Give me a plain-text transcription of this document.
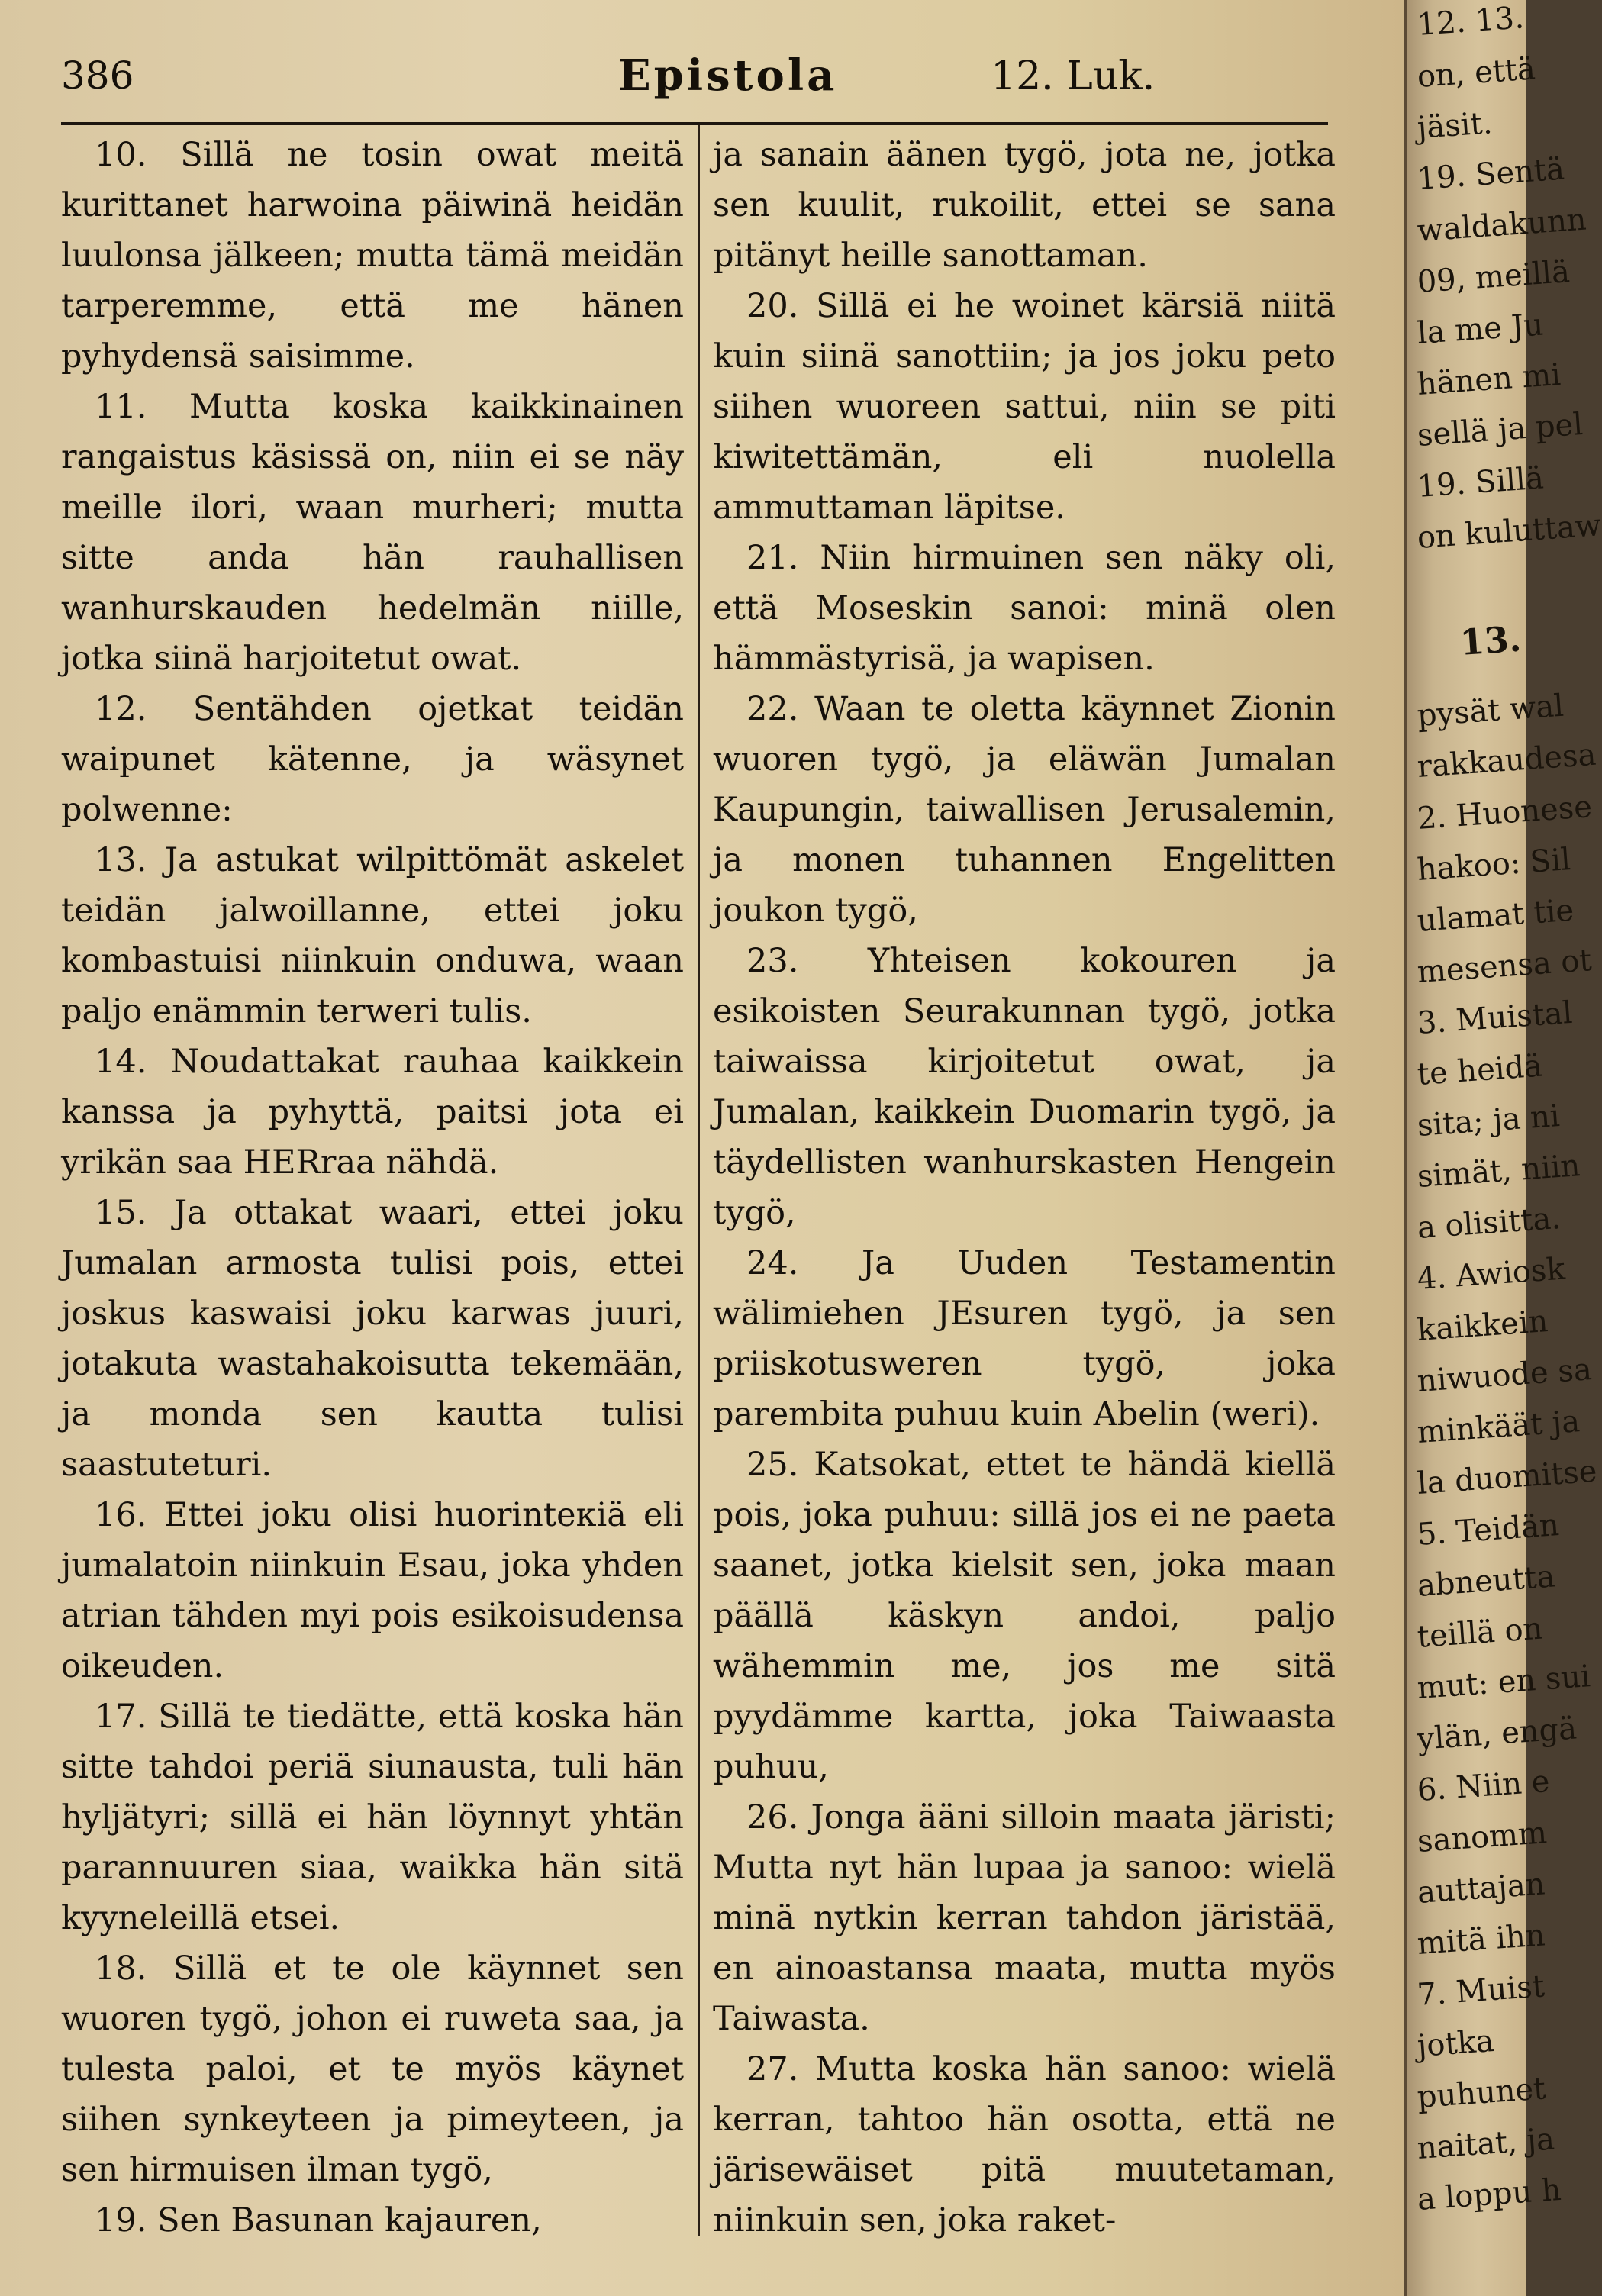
386	Epistola	12. Luk.

10. Sillä ne tosin owat meitä kurittanet harwoina päiwinä heidän luulonsa jälkeen; mutta tämä meidän tarperemme, että me hänen pyhydensä saisimme.

11. Mutta koska kaikkinainen rangaistus käsissä on, niin ei se näy meille ilori, waan murheri; mutta sitte anda hän rauhallisen wanhurskauden hedelmän niille, jotka siinä harjoitetut owat.

12. Sentähden ojetkat teidän waipunet kätenne, ja wäsynet polwenne:

13. Ja astukat wilpittömät askelet teidän jalwoillanne, ettei joku kombastuisi niinkuin onduwa, waan paljo enämmin terweri tulis.

14. Noudattakat rauhaa kaikkein kanssa ja pyhyttä, paitsi jota ei yrikän saa HERraa nähdä.

15. Ja ottakat waari, ettei joku Jumalan armosta tulisi pois, ettei joskus kaswaisi joku karwas juuri, jotakuta wastahakoisutta tekemään, ja monda sen kautta tulisi saastuteturi.

16. Ettei joku olisi huorinteкiä eli jumalatoin niinkuin Esau, joka yhden atrian tähden myi pois esikoisudensa oikeuden.

17. Sillä te tiedätte, että koska hän sitte tahdoi periä siunausta, tuli hän hyljätyri; sillä ei hän löynnyt yhtän parannuuren siaa, waikka hän sitä kyyneleillä etsei.

18. Sillä et te ole käynnet sen wuoren tygö, johon ei ruweta saa, ja tulesta paloi, et te myös käynet siihen synkeyteen ja pimeyteen, ja sen hirmuisen ilman tygö,

19. Sen Basunan kajauren,

ja sanain äänen tygö, jota ne, jotka sen kuulit, rukoilit, ettei se sana pitänyt heille sanottaman.

20. Sillä ei he woinet kärsiä niitä kuin siinä sanottiin; ja jos joku peto siihen wuoreen sattui, niin se piti kiwitettämän, eli nuolella ammuttaman läpitse.

21. Niin hirmuinen sen näky oli, että Moseskin sanoi: minä olen hämmästyrisä, ja wapisen.

22. Waan te oletta käynnet Zionin wuoren tygö, ja eläwän Jumalan Kaupungin, taiwallisen Jerusalemin, ja monen tuhannen Engelitten joukon tygö,

23. Yhteisen kokouren ja esikoisten Seurakunnan tygö, jotka taiwaissa kirjoitetut owat, ja Jumalan, kaikkein Duomarin tygö, ja täydellisten wanhurskasten Hengein tygö,

24. Ja Uuden Testamentin wälimiehen JEsuren tygö, ja sen priiskotusweren tygö, joka parembita puhuu kuin Abelin (weri).

25. Katsokat, ettet te händä kiellä pois, joka puhuu: sillä jos ei ne paeta saanet, jotka kielsit sen, joka maan päällä käskyn andoi, paljo wähemmin me, jos me sitä pyydämme kartta, joka Taiwaasta puhuu,

26. Jonga ääni silloin maata järisti; Mutta nyt hän lupaa ja sanoo: wielä minä nytkin kerran tahdon järistää, en ainoastansa maata, mutta myös Taiwasta.

27. Mutta koska hän sanoo: wielä kerran, tahtoo hän osotta, että ne järisewäiset pitä muutetaman, niinkuin sen, joka raket-

12. 13.
on, että
jäsit.
19. Sentä
waldakunn
09, meillä
la me Ju
hänen mi
sellä ja pel
19. Sillä
on kuluttaw
13.
pysät wal
rakkaudesa
2. Huonese
hakoo: Sil
ulamat tie
mesensa ot
3. Muistal
te heidä
sita; ja ni
simät, niin
a olisitta.
4. Awiosk
kaikkein
niwuode sa
minkäät ja
la duomitse
5. Teidän
abneutta
teillä on
mut: en sui
ylän, engä
6. Niin e
sanomm
auttajan
mitä ihn
7. Muist
jotka
puhunet
naitat, ja
a loppu h
